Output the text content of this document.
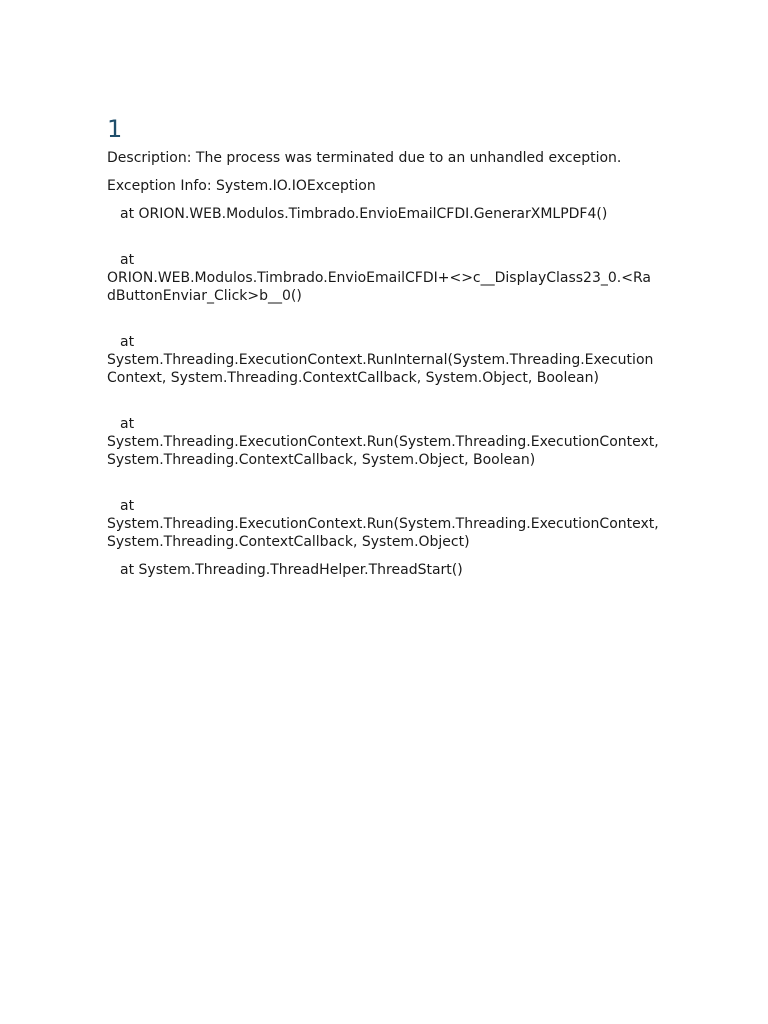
1

Description: The process was terminated due to an unhandled exception.

Exception Info: System.IO.IOException

at ORION.WEB.Modulos.Timbrado.EnvioEmailCFDI.GenerarXMLPDF4()

at
ORION.WEB.Modulos.Timbrado.EnvioEmailCFDI+<>c__DisplayClass23_0.<RadButtonEnviar_Click>b__0()

at
System.Threading.ExecutionContext.RunInternal(System.Threading.ExecutionContext, System.Threading.ContextCallback, System.Object, Boolean)

at
System.Threading.ExecutionContext.Run(System.Threading.ExecutionContext, System.Threading.ContextCallback, System.Object, Boolean)

at
System.Threading.ExecutionContext.Run(System.Threading.ExecutionContext, System.Threading.ContextCallback, System.Object)

at System.Threading.ThreadHelper.ThreadStart()
